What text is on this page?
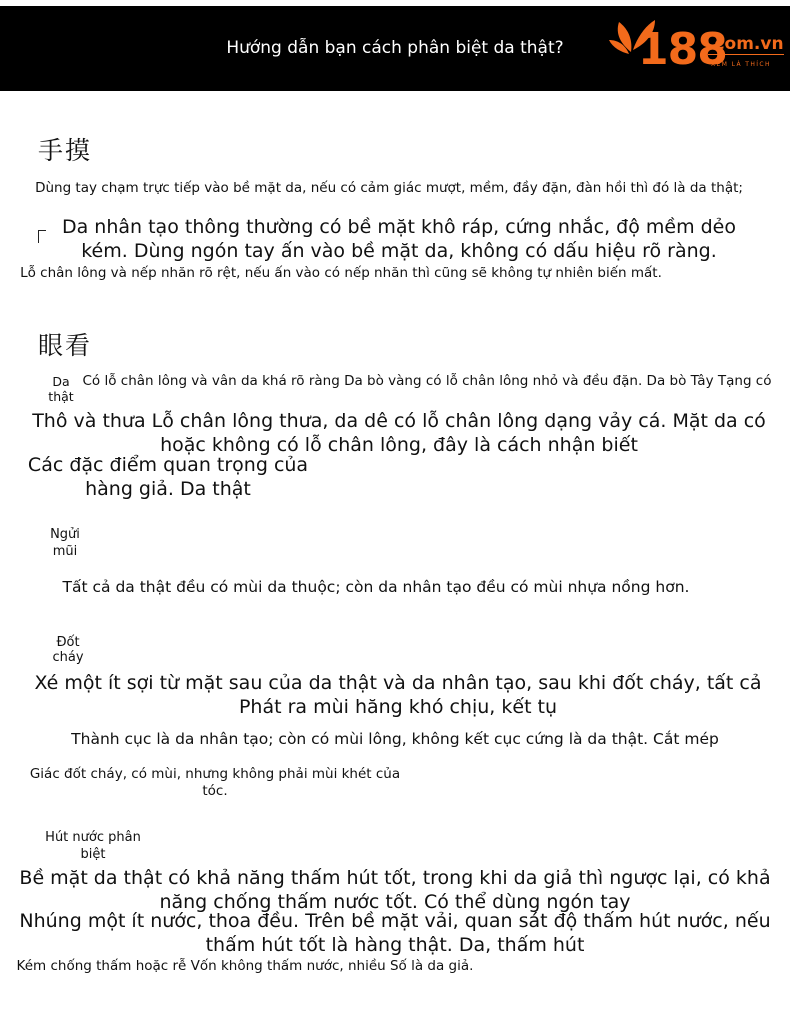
Hướng dẫn bạn cách phân biệt da thật?	188
.com.vn
XEM LÀ THÍCH
手摸
Dùng tay chạm trực tiếp vào bề mặt da, nếu có cảm giác mượt, mềm, đầy đặn, đàn hồi thì đó là da thật;
Da nhân tạo thông thường có bề mặt khô ráp, cứng nhắc, độ mềm dẻo kém. Dùng ngón tay ấn vào bề mặt da, không có dấu hiệu rõ ràng.
Lỗ chân lông và nếp nhăn rõ rệt, nếu ấn vào có nếp nhăn thì cũng sẽ không tự nhiên biến mất.
眼看
Da thật
Có lỗ chân lông và vân da khá rõ ràng Da bò vàng có lỗ chân lông nhỏ và đều đặn. Da bò Tây Tạng có
Thô và thưa Lỗ chân lông thưa, da dê có lỗ chân lông dạng vảy cá. Mặt da có hoặc không có lỗ chân lông, đây là cách nhận biết
Các đặc điểm quan trọng của hàng giả. Da thật
Ngửi mũi
Tất cả da thật đều có mùi da thuộc; còn da nhân tạo đều có mùi nhựa nồng hơn.
Đốt cháy
Xé một ít sợi từ mặt sau của da thật và da nhân tạo, sau khi đốt cháy, tất cả Phát ra mùi hăng khó chịu, kết tụ
Thành cục là da nhân tạo; còn có mùi lông, không kết cục cứng là da thật. Cắt mép
Giác đốt cháy, có mùi, nhưng không phải mùi khét của tóc.
Hút nước phân biệt
Bề mặt da thật có khả năng thấm hút tốt, trong khi da giả thì ngược lại, có khả năng chống thấm nước tốt. Có thể dùng ngón tay
Nhúng một ít nước, thoa đều. Trên bề mặt vải, quan sát độ thấm hút nước, nếu thấm hút tốt là hàng thật. Da, thấm hút
Kém chống thấm hoặc rễ Vốn không thấm nước, nhiều Số là da giả.
